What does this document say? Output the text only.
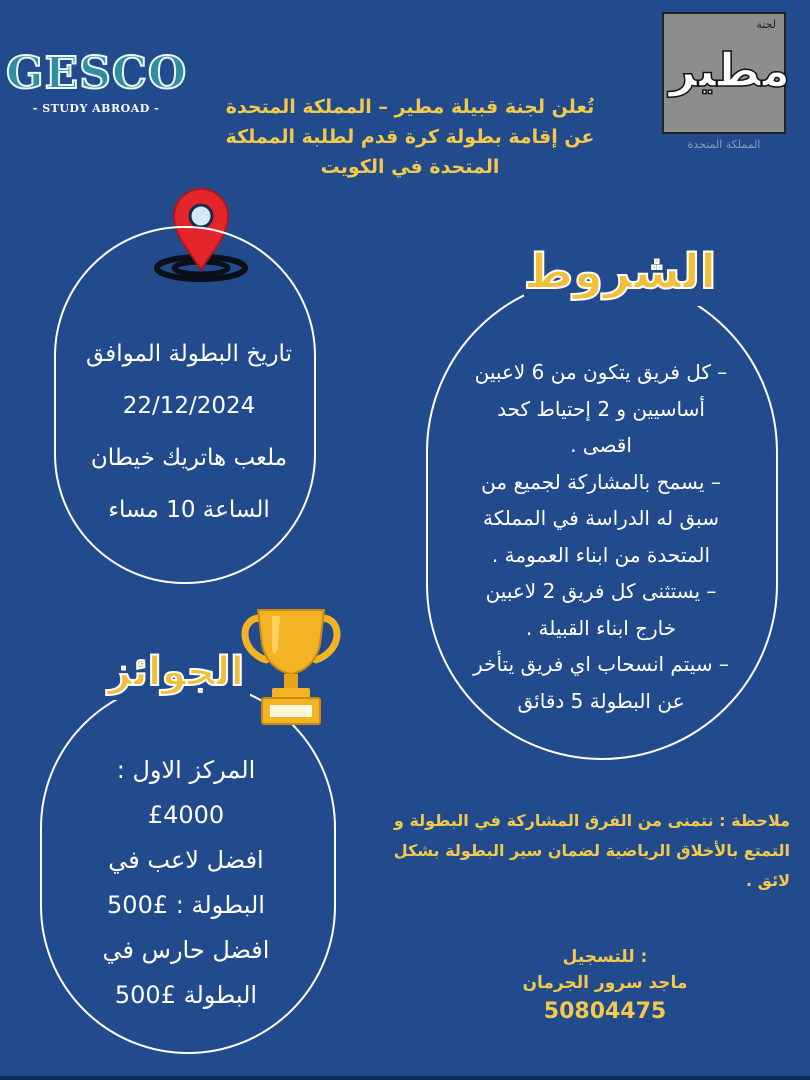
GESCO
- STUDY ABROAD -
لجنة
مطير
المملكة المتحدة
تُعلن لجنة قبيلة مطير – المملكة المتحدة
عن إقامة بطولة كرة قدم لطلبة المملكة
المتحدة في الكويت
تاريخ البطولة الموافق
22/12/2024
ملعب هاتريك خيطان
الساعة 10 مساء
الشروط
– كل فريق يتكون من 6 لاعبين
أساسيين و 2 إحتياط كحد
اقصى .
– يسمح بالمشاركة لجميع من
سبق له الدراسة في المملكة
المتحدة من ابناء العمومة .
– يستثنى كل فريق 2 لاعبين
خارج ابناء القبيلة .
– سيتم انسحاب اي فريق يتأخر
عن البطولة 5 دقائق
الجوائز
المركز الاول :
£4000
افضل لاعب في
البطولة : £500
افضل حارس في
البطولة £500
ملاحظة : نتمنى من الفرق المشاركة في البطولة و
التمتع بالأخلاق الرياضية لضمان سير البطولة بشكل
لائق .
للتسجيل :
ماجد سرور الجرمان
50804475
